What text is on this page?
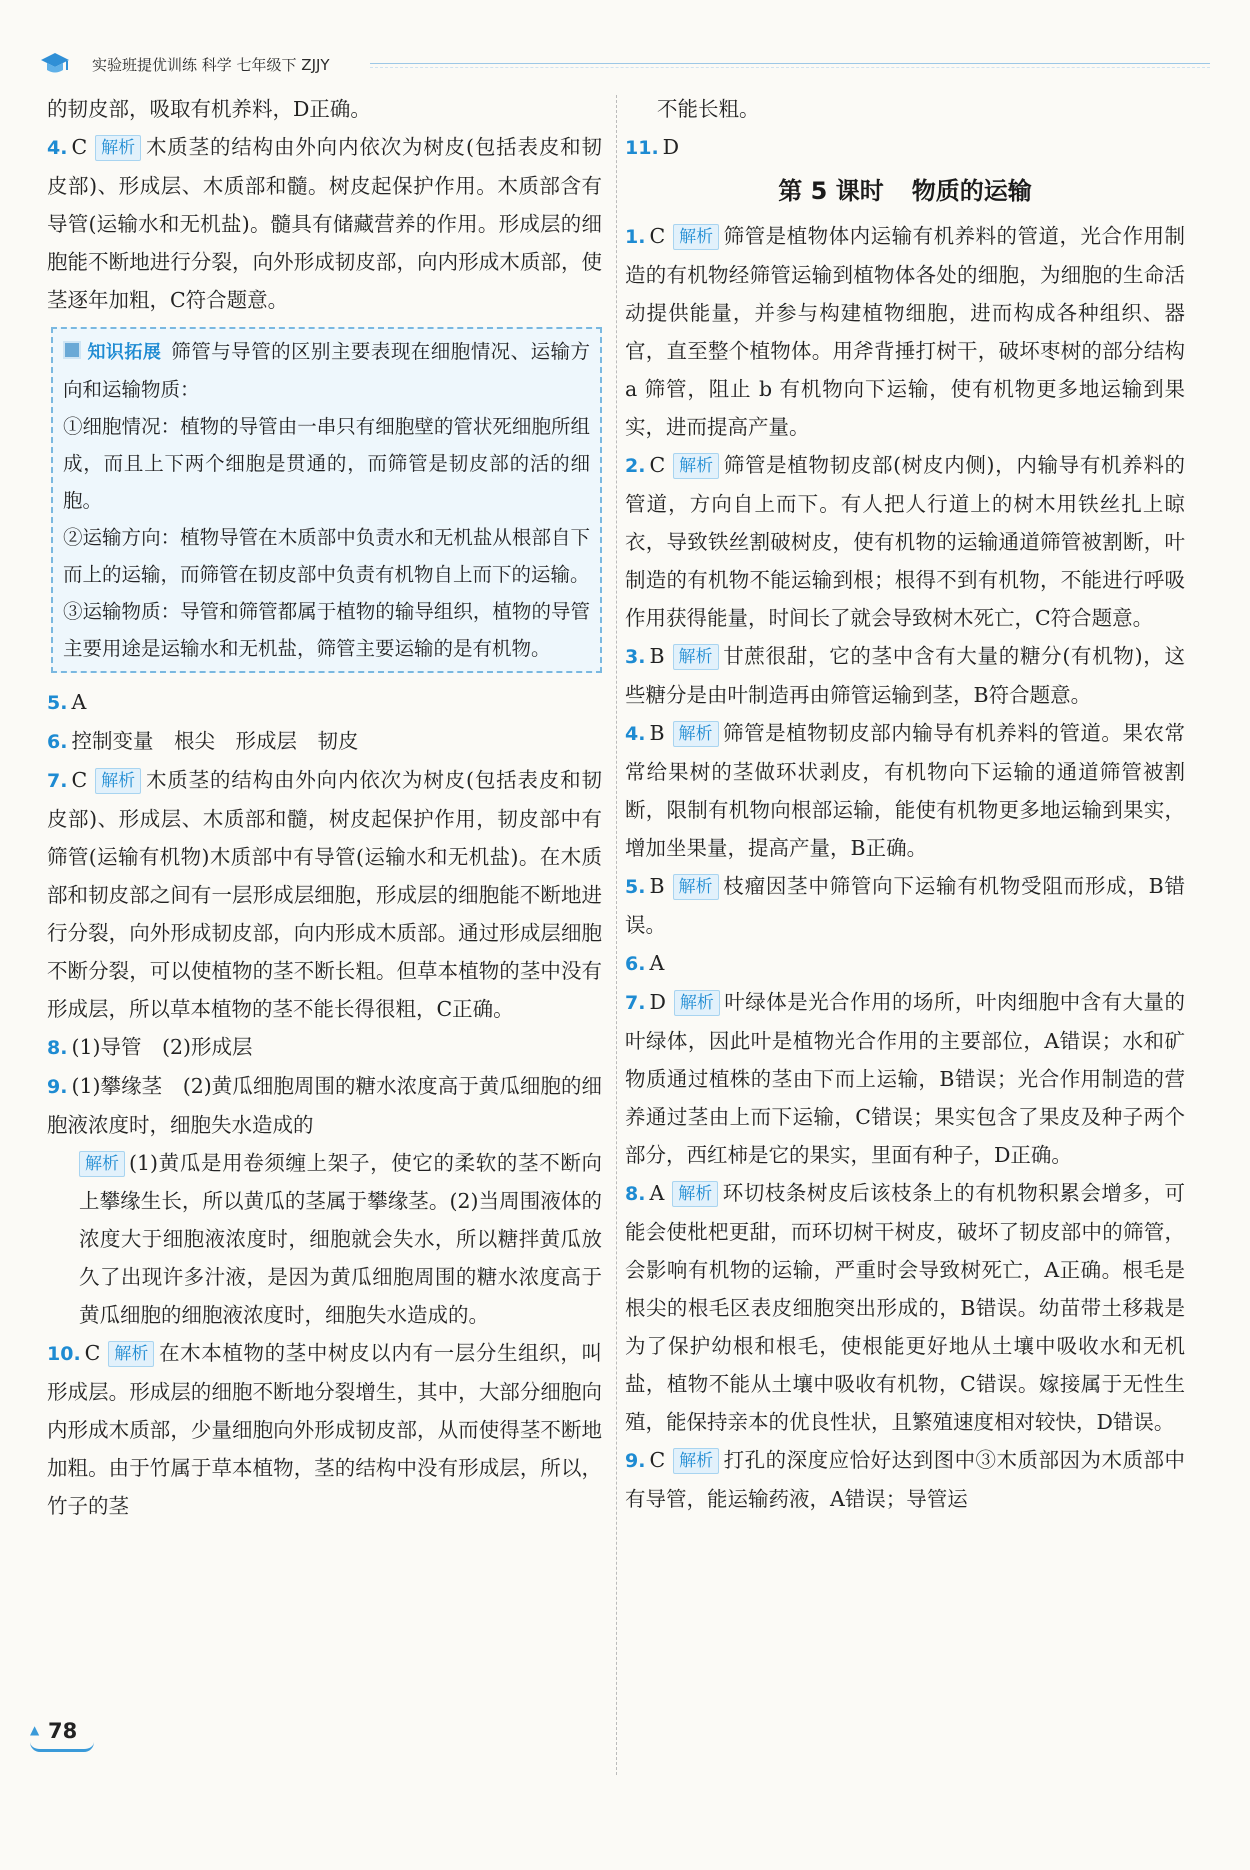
实验班提优训练 科学 七年级下 ZJJY

的韧皮部，吸取有机养料，D正确。

4. C 解析 木质茎的结构由外向内依次为树皮(包括表皮和韧皮部)、形成层、木质部和髓。树皮起保护作用。木质部含有导管(运输水和无机盐)。髓具有储藏营养的作用。形成层的细胞能不断地进行分裂，向外形成韧皮部，向内形成木质部，使茎逐年加粗，C符合题意。

知识拓展 筛管与导管的区别主要表现在细胞情况、运输方向和运输物质：

①细胞情况：植物的导管由一串只有细胞壁的管状死细胞所组成，而且上下两个细胞是贯通的，而筛管是韧皮部的活的细胞。

②运输方向：植物导管在木质部中负责水和无机盐从根部自下而上的运输，而筛管在韧皮部中负责有机物自上而下的运输。

③运输物质：导管和筛管都属于植物的输导组织，植物的导管主要用途是运输水和无机盐，筛管主要运输的是有机物。

5. A

6. 控制变量　根尖　形成层　韧皮

7. C 解析 木质茎的结构由外向内依次为树皮(包括表皮和韧皮部)、形成层、木质部和髓，树皮起保护作用，韧皮部中有筛管(运输有机物)木质部中有导管(运输水和无机盐)。在木质部和韧皮部之间有一层形成层细胞，形成层的细胞能不断地进行分裂，向外形成韧皮部，向内形成木质部。通过形成层细胞不断分裂，可以使植物的茎不断长粗。但草本植物的茎中没有形成层，所以草本植物的茎不能长得很粗，C正确。

8. (1)导管　(2)形成层

9. (1)攀缘茎　(2)黄瓜细胞周围的糖水浓度高于黄瓜细胞的细胞液浓度时，细胞失水造成的

解析 (1)黄瓜是用卷须缠上架子，使它的柔软的茎不断向上攀缘生长，所以黄瓜的茎属于攀缘茎。(2)当周围液体的浓度大于细胞液浓度时，细胞就会失水，所以糖拌黄瓜放久了出现许多汁液，是因为黄瓜细胞周围的糖水浓度高于黄瓜细胞的细胞液浓度时，细胞失水造成的。

10. C 解析 在木本植物的茎中树皮以内有一层分生组织，叫形成层。形成层的细胞不断地分裂增生，其中，大部分细胞向内形成木质部，少量细胞向外形成韧皮部，从而使得茎不断地加粗。由于竹属于草本植物，茎的结构中没有形成层，所以，竹子的茎

不能长粗。

11. D

第 5 课时 物质的运输

1. C 解析 筛管是植物体内运输有机养料的管道，光合作用制造的有机物经筛管运输到植物体各处的细胞，为细胞的生命活动提供能量，并参与构建植物细胞，进而构成各种组织、器官，直至整个植物体。用斧背捶打树干，破坏枣树的部分结构 a 筛管，阻止 b 有机物向下运输，使有机物更多地运输到果实，进而提高产量。

2. C 解析 筛管是植物韧皮部(树皮内侧)，内输导有机养料的管道，方向自上而下。有人把人行道上的树木用铁丝扎上晾衣，导致铁丝割破树皮，使有机物的运输通道筛管被割断，叶制造的有机物不能运输到根；根得不到有机物，不能进行呼吸作用获得能量，时间长了就会导致树木死亡，C符合题意。

3. B 解析 甘蔗很甜，它的茎中含有大量的糖分(有机物)，这些糖分是由叶制造再由筛管运输到茎，B符合题意。

4. B 解析 筛管是植物韧皮部内输导有机养料的管道。果农常常给果树的茎做环状剥皮，有机物向下运输的通道筛管被割断，限制有机物向根部运输，能使有机物更多地运输到果实，增加坐果量，提高产量，B正确。

5. B 解析 枝瘤因茎中筛管向下运输有机物受阻而形成，B错误。

6. A

7. D 解析 叶绿体是光合作用的场所，叶肉细胞中含有大量的叶绿体，因此叶是植物光合作用的主要部位，A错误；水和矿物质通过植株的茎由下而上运输，B错误；光合作用制造的营养通过茎由上而下运输，C错误；果实包含了果皮及种子两个部分，西红柿是它的果实，里面有种子，D正确。

8. A 解析 环切枝条树皮后该枝条上的有机物积累会增多，可能会使枇杷更甜，而环切树干树皮，破坏了韧皮部中的筛管，会影响有机物的运输，严重时会导致树死亡，A正确。根毛是根尖的根毛区表皮细胞突出形成的，B错误。幼苗带土移栽是为了保护幼根和根毛，使根能更好地从土壤中吸收水和无机盐，植物不能从土壤中吸收有机物，C错误。嫁接属于无性生殖，能保持亲本的优良性状，且繁殖速度相对较快，D错误。

9. C 解析 打孔的深度应恰好达到图中③木质部因为木质部中有导管，能运输药液，A错误；导管运

▲ 78
